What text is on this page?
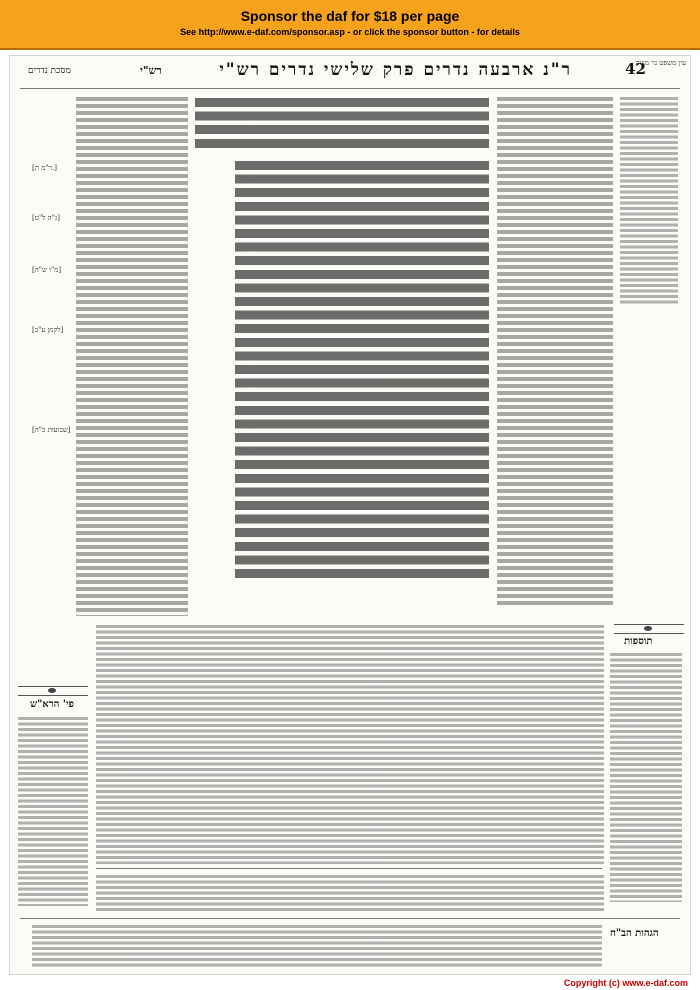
Sponsor the daf for $18 per page
See http://www.e-daf.com/sponsor.asp - or click the sponsor button - for details
עין משפט נר מצוה
42
ר"נ ארבעה נדרים פרק שלישי נדרים רש"י
רש"י
מסכת נדרים
[ר"מ ת.]
[ג"ה ל"ט]
[מ"ו ש"ה]
[לקמן ע"ב]
[שבועות כ"ה]
תוספות
פי' הרא"ש
הגהות הב"ח
Copyright (c) www.e-daf.com
